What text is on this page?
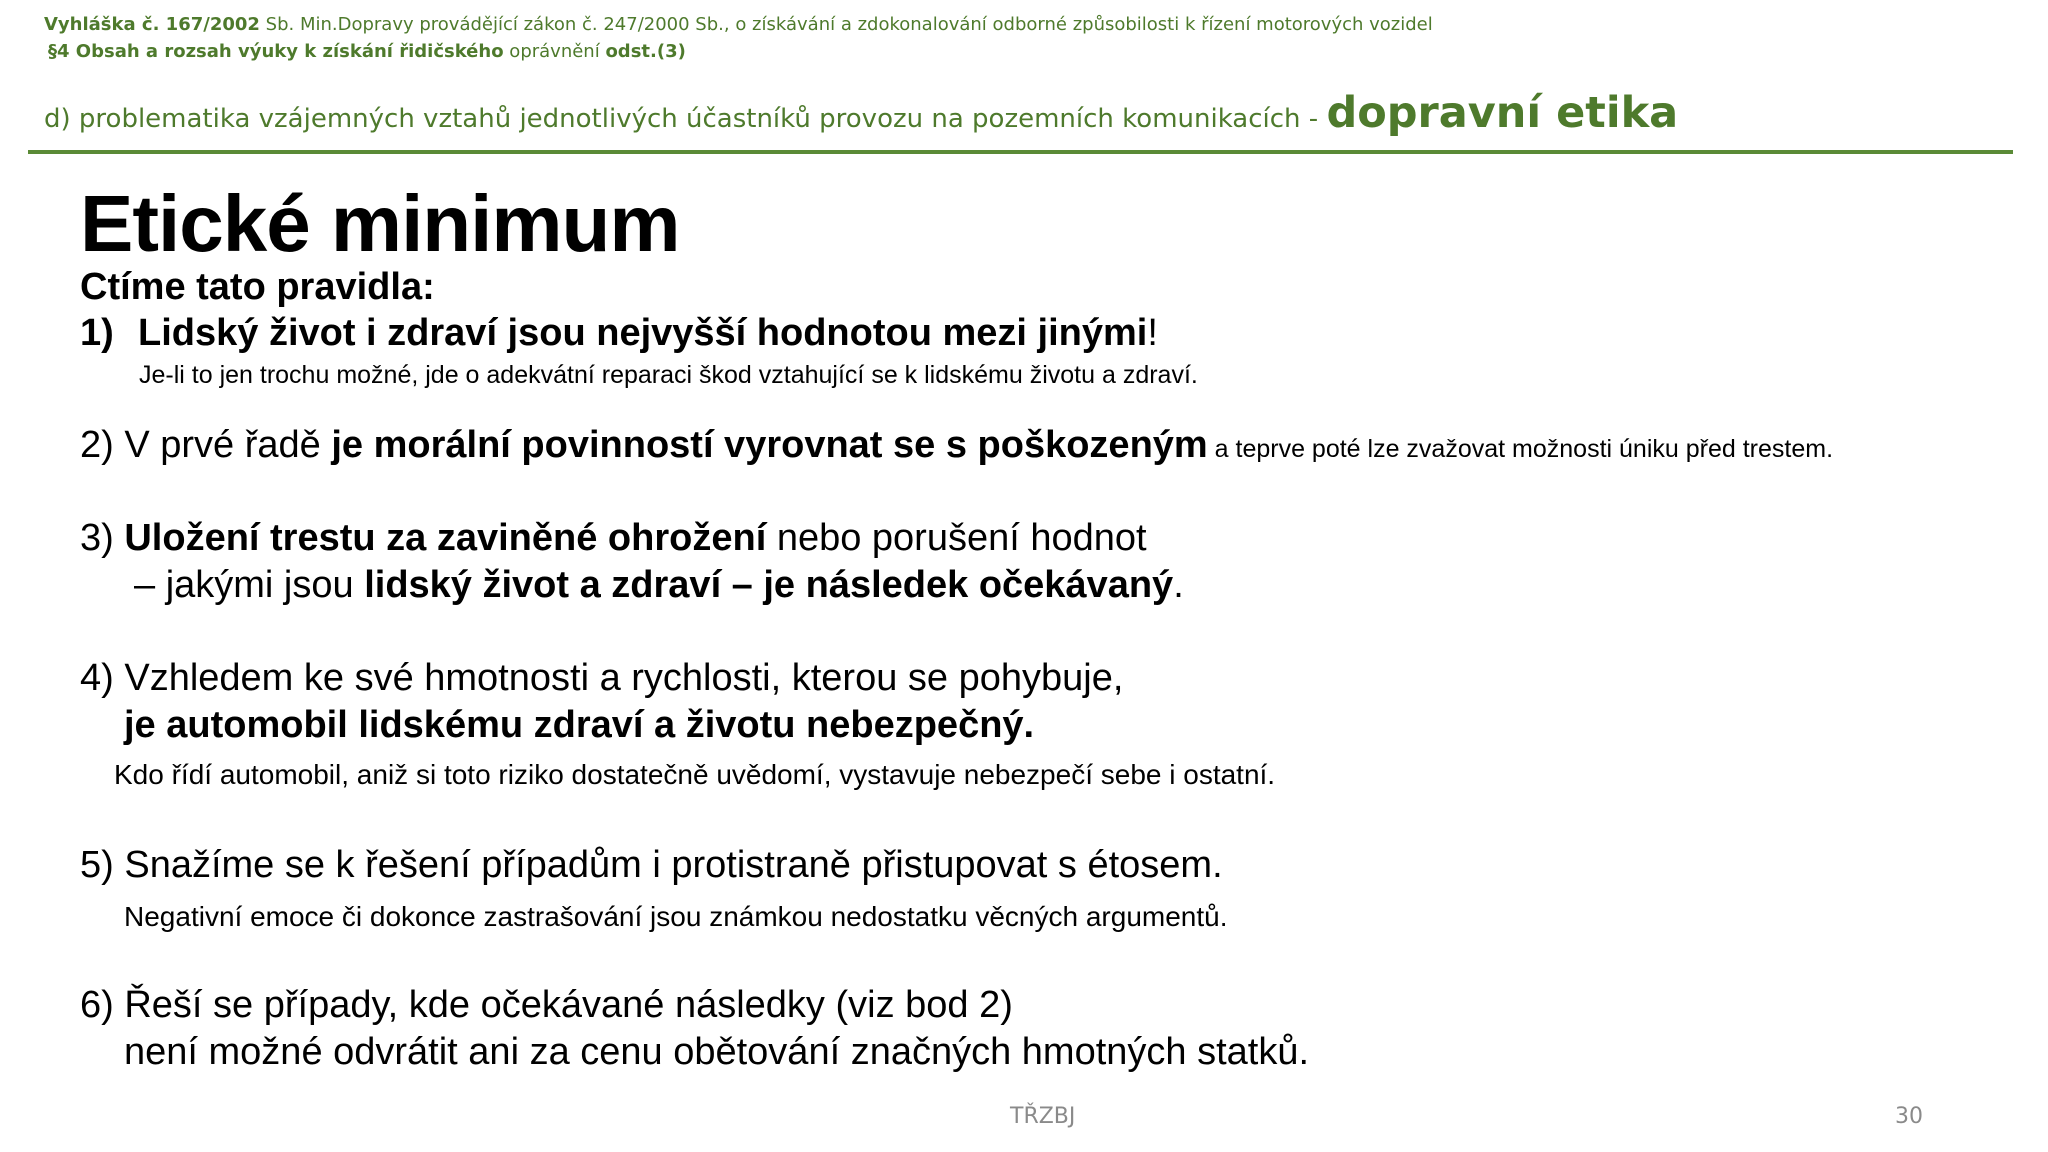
Vyhláška č. 167/2002 Sb. Min.Dopravy provádějící zákon č. 247/2000 Sb., o získávání a zdokonalování odborné způsobilosti k řízení motorových vozidel
§4 Obsah a rozsah výuky k získání řidičského oprávnění odst.(3)
d) problematika vzájemných vztahů jednotlivých účastníků provozu na pozemních komunikacích - dopravní etika
Etické minimum
Ctíme tato pravidla:
1) Lidský život i zdraví jsou nejvyšší hodnotou mezi jinými!
Je-li to jen trochu možné, jde o adekvátní reparaci škod vztahující se k lidskému životu a zdraví.
2) V prvé řadě je morální povinností vyrovnat se s poškozeným a teprve poté lze zvažovat možnosti úniku před trestem.
3) Uložení trestu za zaviněné ohrožení nebo porušení hodnot
– jakými jsou lidský život a zdraví – je následek očekávaný.
4) Vzhledem ke své hmotnosti a rychlosti, kterou se pohybuje,
je automobil lidskému zdraví a životu nebezpečný.
Kdo řídí automobil, aniž si toto riziko dostatečně uvědomí, vystavuje nebezpečí sebe i ostatní.
5) Snažíme se k řešení případům i protistraně přistupovat s étosem.
Negativní emoce či dokonce zastrašování jsou známkou nedostatku věcných argumentů.
6) Řeší se případy, kde očekávané následky (viz bod 2)
není možné odvrátit ani za cenu obětování značných hmotných statků.
TŘZBJ	30
